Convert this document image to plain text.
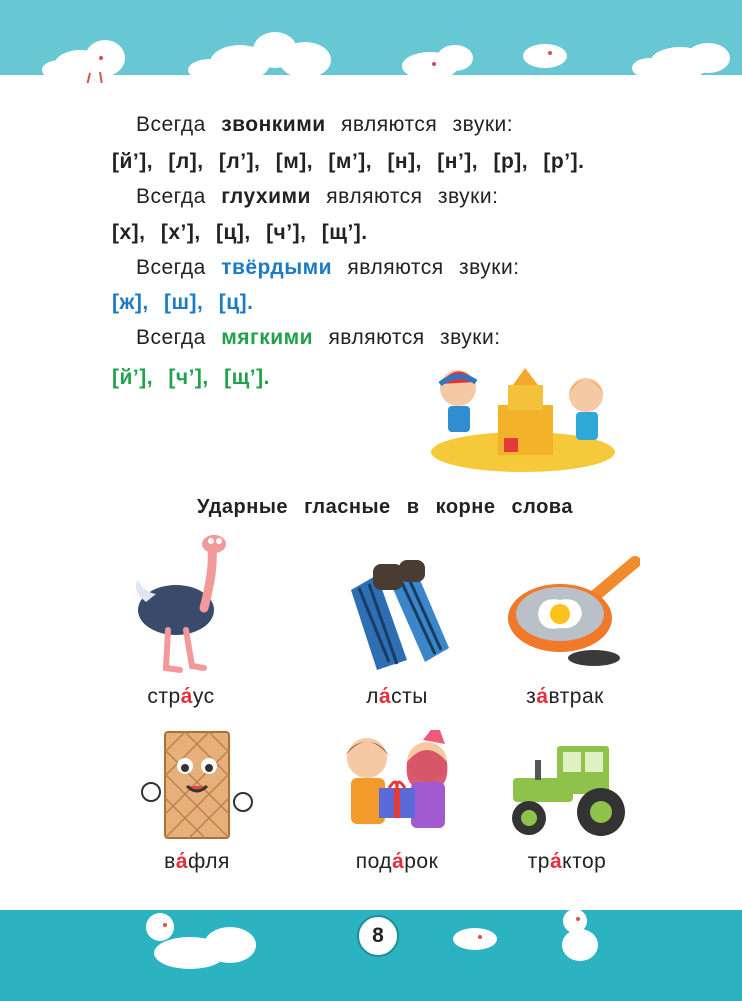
Всегда звонкими являются звуки:
[й’], [л], [л’], [м], [м’], [н], [н’], [р], [р’].
Всегда глухими являются звуки:
[х], [х’], [ц], [ч’], [щ’].
Всегда твёрдыми являются звуки:
[ж], [ш], [ц].
Всегда мягкими являются звуки:
[й’], [ч’], [щ’].
Ударные гласные в корне слова
стра́ус	ла́сты	за́втрак
ва́фля	пода́рок	тра́ктор
8
